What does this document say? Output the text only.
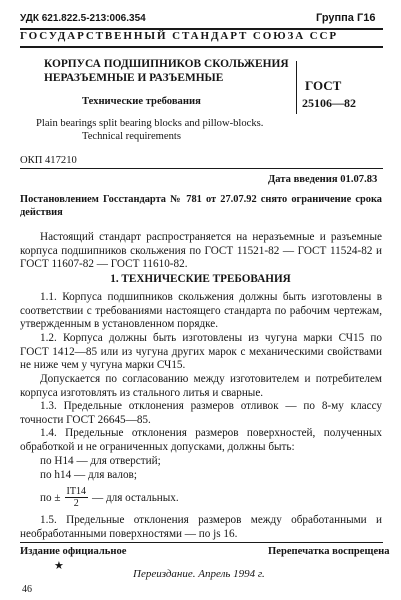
УДК 621.822.5-213:006.354	Группа Г16
ГОСУДАРСТВЕННЫЙ СТАНДАРТ СОЮЗА ССР
КОРПУСА ПОДШИПНИКОВ СКОЛЬЖЕНИЯ
НЕРАЗЪЕМНЫЕ И РАЗЪЕМНЫЕ
Технические требования
Plain bearings split bearing blocks and pillow-blocks.
Technical requirements
ГОСТ
25106—82
ОКП 417210
Дата введения 01.07.83
Постановлением Госстандарта № 781 от 27.07.92 снято ограничение срока действия
Настоящий стандарт распространяется на неразъемные и разъемные корпуса подшипников скольжения по ГОСТ 11521-82 — ГОСТ 11524-82 и ГОСТ 11607-82 — ГОСТ 11610-82.
1. ТЕХНИЧЕСКИЕ ТРЕБОВАНИЯ
1.1. Корпуса подшипников скольжения должны быть изготовлены в соответствии с требованиями настоящего стандарта по рабочим чертежам, утвержденным в установленном порядке.
1.2. Корпуса должны быть изготовлены из чугуна марки СЧ15 по ГОСТ 1412—85 или из чугуна других марок с механическими свойствами не ниже чем у чугуна марки СЧ15.
Допускается по согласованию между изготовителем и потребителем корпуса изготовлять из стального литья и сварные.
1.3. Предельные отклонения размеров отливок — по 8-му классу точности ГОСТ 26645—85.
1.4. Предельные отклонения размеров поверхностей, полученных обработкой и не ограниченных допусками, должны быть:
по Н14 — для отверстий;
по h14 — для валов;
по ± $\frac{IT14}{2}$ — для остальных.
1.5. Предельные отклонения размеров между обработанными и необработанными поверхностями — по js 16.
Издание официальное	Перепечатка воспрещена
★
Переиздание. Апрель 1994 г.
46
